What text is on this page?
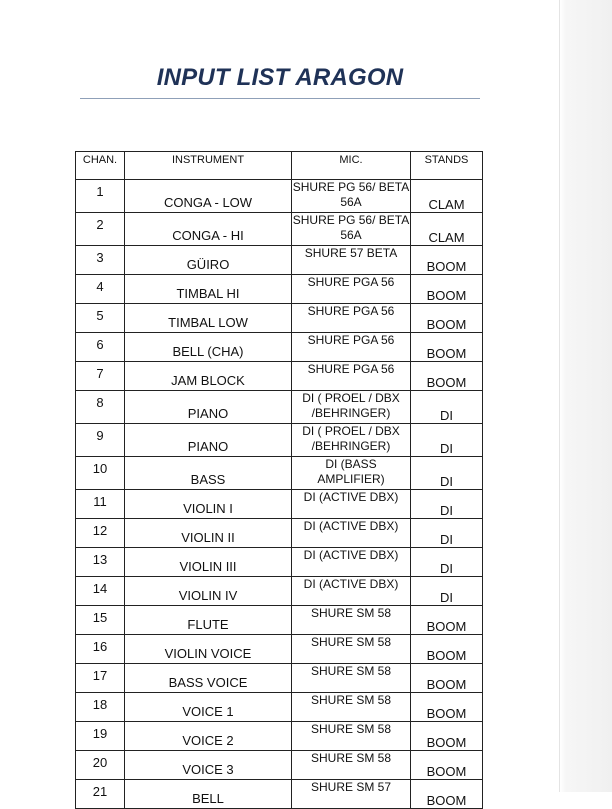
INPUT LIST ARAGON
CHAN.	INSTRUMENT	MIC.	STANDS
1	CONGA - LOW	SHURE PG 56/ BETA 56A	CLAM
2	CONGA - HI	SHURE PG 56/ BETA 56A	CLAM
3	GÜIRO	SHURE 57 BETA	BOOM
4	TIMBAL HI	SHURE PGA 56	BOOM
5	TIMBAL LOW	SHURE PGA 56	BOOM
6	BELL (CHA)	SHURE PGA 56	BOOM
7	JAM BLOCK	SHURE PGA 56	BOOM
8	PIANO	DI ( PROEL / DBX /BEHRINGER)	DI
9	PIANO	DI ( PROEL / DBX /BEHRINGER)	DI
10	BASS	DI (BASS AMPLIFIER)	DI
11	VIOLIN I	DI (ACTIVE DBX)	DI
12	VIOLIN II	DI (ACTIVE DBX)	DI
13	VIOLIN III	DI (ACTIVE DBX)	DI
14	VIOLIN IV	DI (ACTIVE DBX)	DI
15	FLUTE	SHURE SM 58	BOOM
16	VIOLIN VOICE	SHURE SM 58	BOOM
17	BASS VOICE	SHURE SM 58	BOOM
18	VOICE 1	SHURE SM 58	BOOM
19	VOICE 2	SHURE SM 58	BOOM
20	VOICE 3	SHURE SM 58	BOOM
21	BELL	SHURE SM 57	BOOM
